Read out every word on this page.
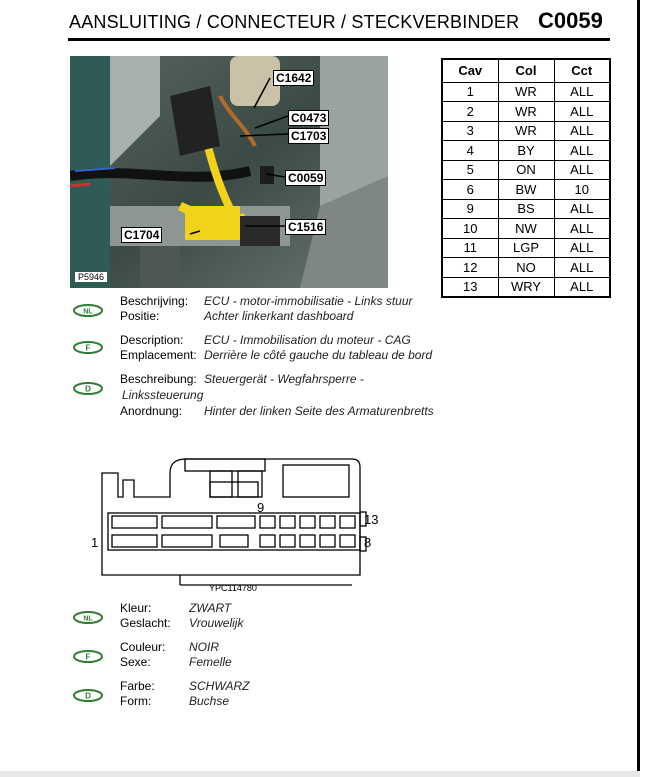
AANSLUITING / CONNECTEUR / STECKVERBINDER C0059
P5946
C1642
C0473
C1703
C0059
C1516
C1704
Cav	Col	Cct
1	WR	ALL
2	WR	ALL
3	WR	ALL
4	BY	ALL
5	ON	ALL
6	BW	10
9	BS	ALL
10	NW	ALL
11	LGP	ALL
12	NO	ALL
13	WRY	ALL
NL
F
D
Beschrijving: ECU - motor-immobilisatie - Links stuur
Positie:	Achter linkerkant dashboard
Description: ECU - Immobilisation du moteur - CAG
Emplacement: Derrière le côté gauche du tableau de bord
Beschreibung: Steuergerät - Wegfahrsperre -
Linkssteuerung
Anordnung: Hinter der linken Seite des Armaturenbretts
9
13
1	8
YPC114780
NL
F
D
Kleur:	ZWART
Geslacht: Vrouwelijk
Couleur: NOIR
Sexe:	Femelle
Farbe:	SCHWARZ
Form:	Buchse
